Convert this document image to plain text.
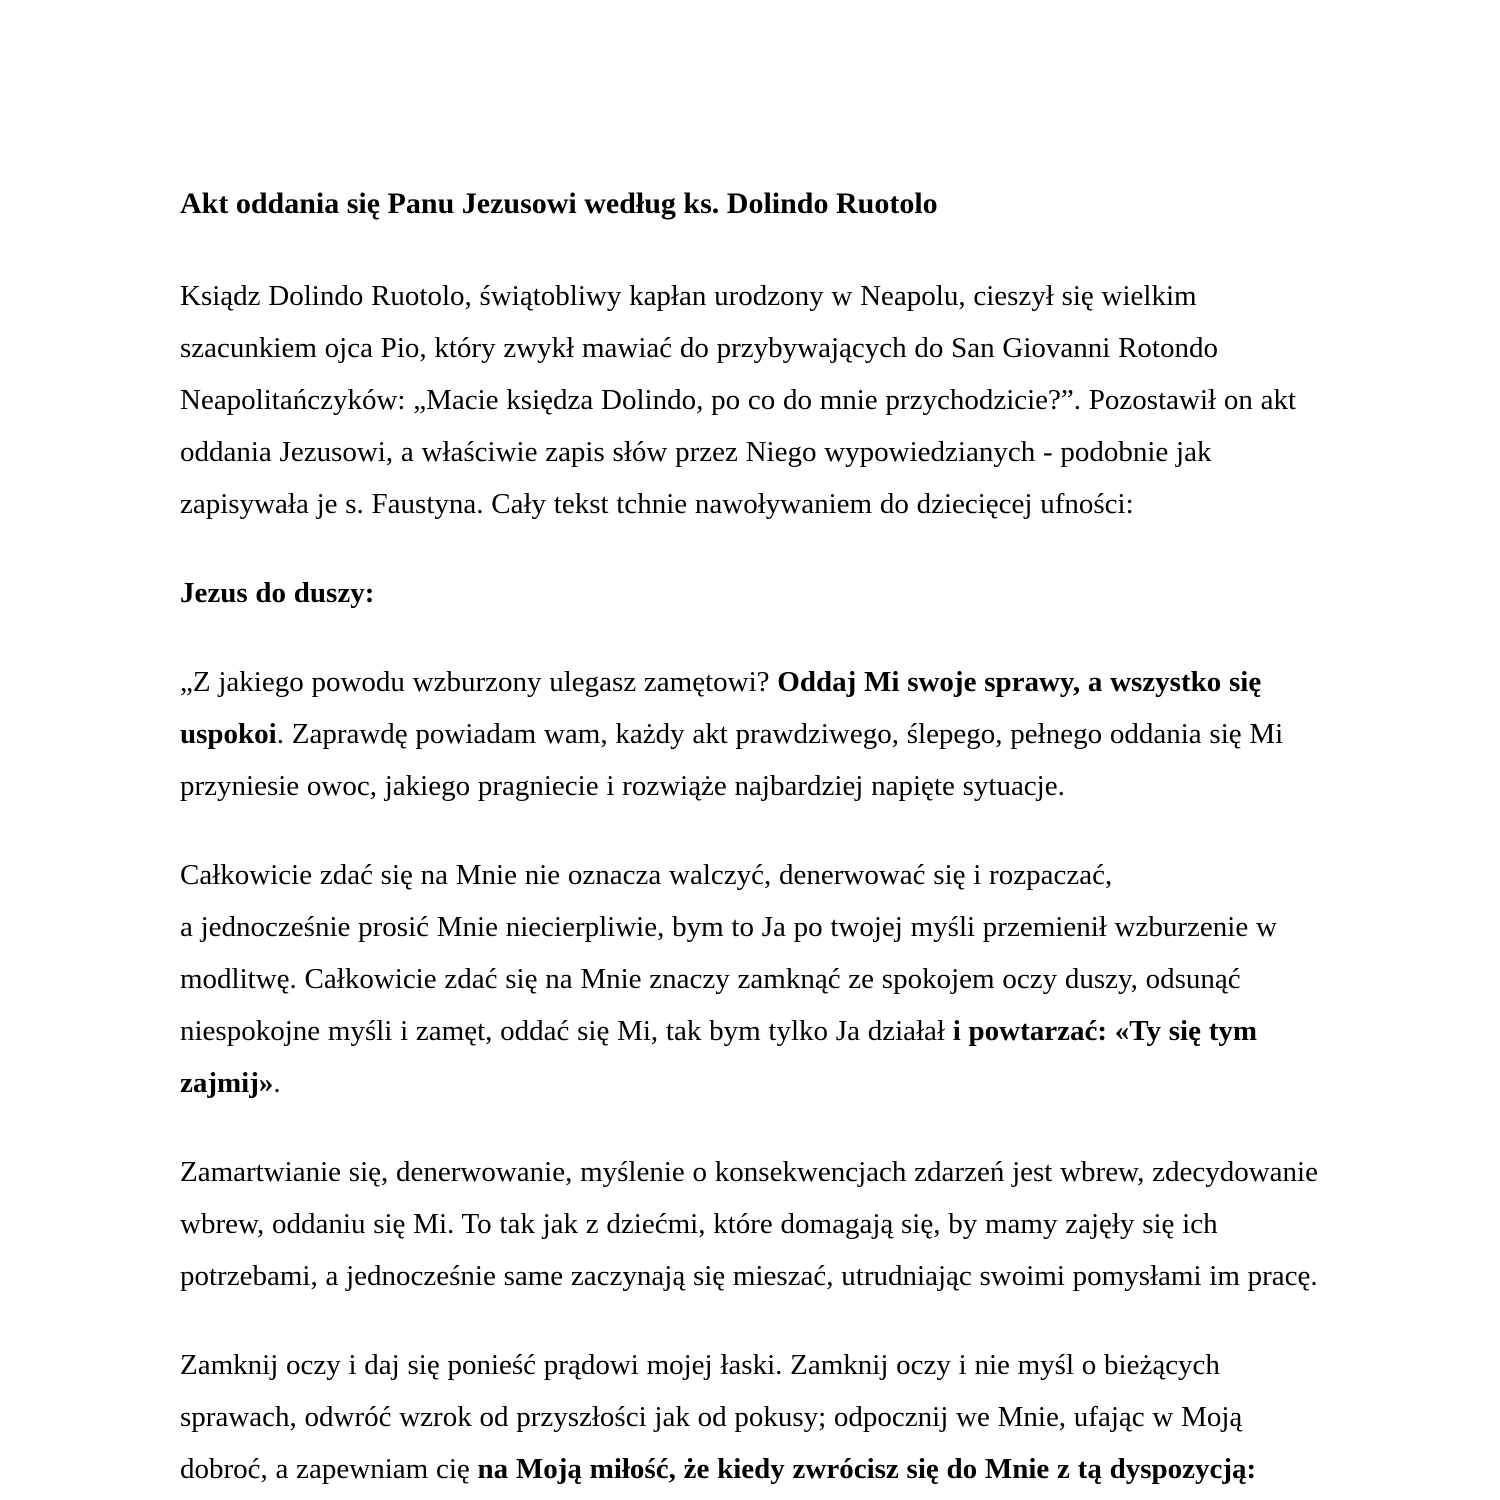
Akt oddania się Panu Jezusowi według ks. Dolindo Ruotolo

Ksiądz Dolindo Ruotolo, świątobliwy kapłan urodzony w Neapolu, cieszył się wielkim szacunkiem ojca Pio, który zwykł mawiać do przybywających do San Giovanni Rotondo Neapolitańczyków: „Macie księdza Dolindo, po co do mnie przychodzicie?”. Pozostawił on akt oddania Jezusowi, a właściwie zapis słów przez Niego wypowiedzianych - podobnie jak zapisywała je s. Faustyna. Cały tekst tchnie nawoływaniem do dziecięcej ufności:

Jezus do duszy:

„Z jakiego powodu wzburzony ulegasz zamętowi? Oddaj Mi swoje sprawy, a wszystko się uspokoi. Zaprawdę powiadam wam, każdy akt prawdziwego, ślepego, pełnego oddania się Mi przyniesie owoc, jakiego pragniecie i rozwiąże najbardziej napięte sytuacje.

Całkowicie zdać się na Mnie nie oznacza walczyć, denerwować się i rozpaczać,
a jednocześnie prosić Mnie niecierpliwie, bym to Ja po twojej myśli przemienił wzburzenie w modlitwę. Całkowicie zdać się na Mnie znaczy zamknąć ze spokojem oczy duszy, odsunąć niespokojne myśli i zamęt, oddać się Mi, tak bym tylko Ja działał i powtarzać: «Ty się tym zajmij».

Zamartwianie się, denerwowanie, myślenie o konsekwencjach zdarzeń jest wbrew, zdecydowanie wbrew, oddaniu się Mi. To tak jak z dziećmi, które domagają się, by mamy zajęły się ich potrzebami, a jednocześnie same zaczynają się mieszać, utrudniając swoimi pomysłami im pracę.

Zamknij oczy i daj się ponieść prądowi mojej łaski. Zamknij oczy i nie myśl o bieżących sprawach, odwróć wzrok od przyszłości jak od pokusy; odpocznij we Mnie, ufając w Moją dobroć, a zapewniam cię na Moją miłość, że kiedy zwrócisz się do Mnie z tą dyspozycją:
